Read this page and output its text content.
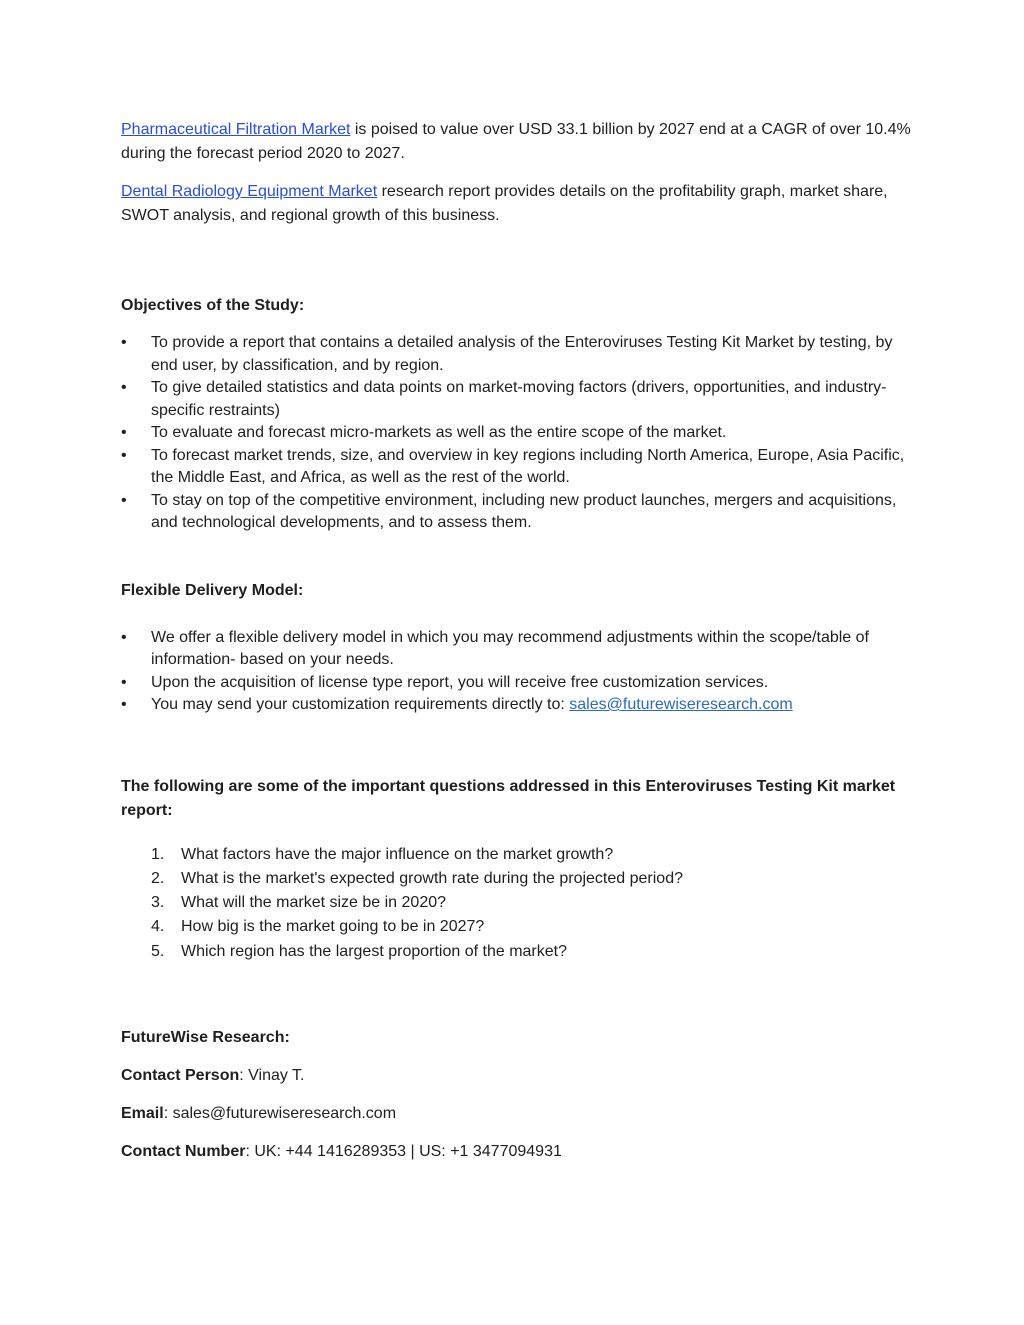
Pharmaceutical Filtration Market is poised to value over USD 33.1 billion by 2027 end at a CAGR of over 10.4% during the forecast period 2020 to 2027.

Dental Radiology Equipment Market research report provides details on the profitability graph, market share, SWOT analysis, and regional growth of this business.

Objectives of the Study:

• To provide a report that contains a detailed analysis of the Enteroviruses Testing Kit Market by testing, by end user, by classification, and by region.
• To give detailed statistics and data points on market-moving factors (drivers, opportunities, and industry-specific restraints)
• To evaluate and forecast micro-markets as well as the entire scope of the market.
• To forecast market trends, size, and overview in key regions including North America, Europe, Asia Pacific, the Middle East, and Africa, as well as the rest of the world.
• To stay on top of the competitive environment, including new product launches, mergers and acquisitions, and technological developments, and to assess them.

Flexible Delivery Model:

• We offer a flexible delivery model in which you may recommend adjustments within the scope/table of information- based on your needs.
• Upon the acquisition of license type report, you will receive free customization services.
• You may send your customization requirements directly to: sales@futurewiseresearch.com

The following are some of the important questions addressed in this Enteroviruses Testing Kit market report:

1. What factors have the major influence on the market growth?
2. What is the market's expected growth rate during the projected period?
3. What will the market size be in 2020?
4. How big is the market going to be in 2027?
5. Which region has the largest proportion of the market?

FutureWise Research:

Contact Person: Vinay T.

Email: sales@futurewiseresearch.com

Contact Number: UK: +44 1416289353 | US: +1 3477094931
